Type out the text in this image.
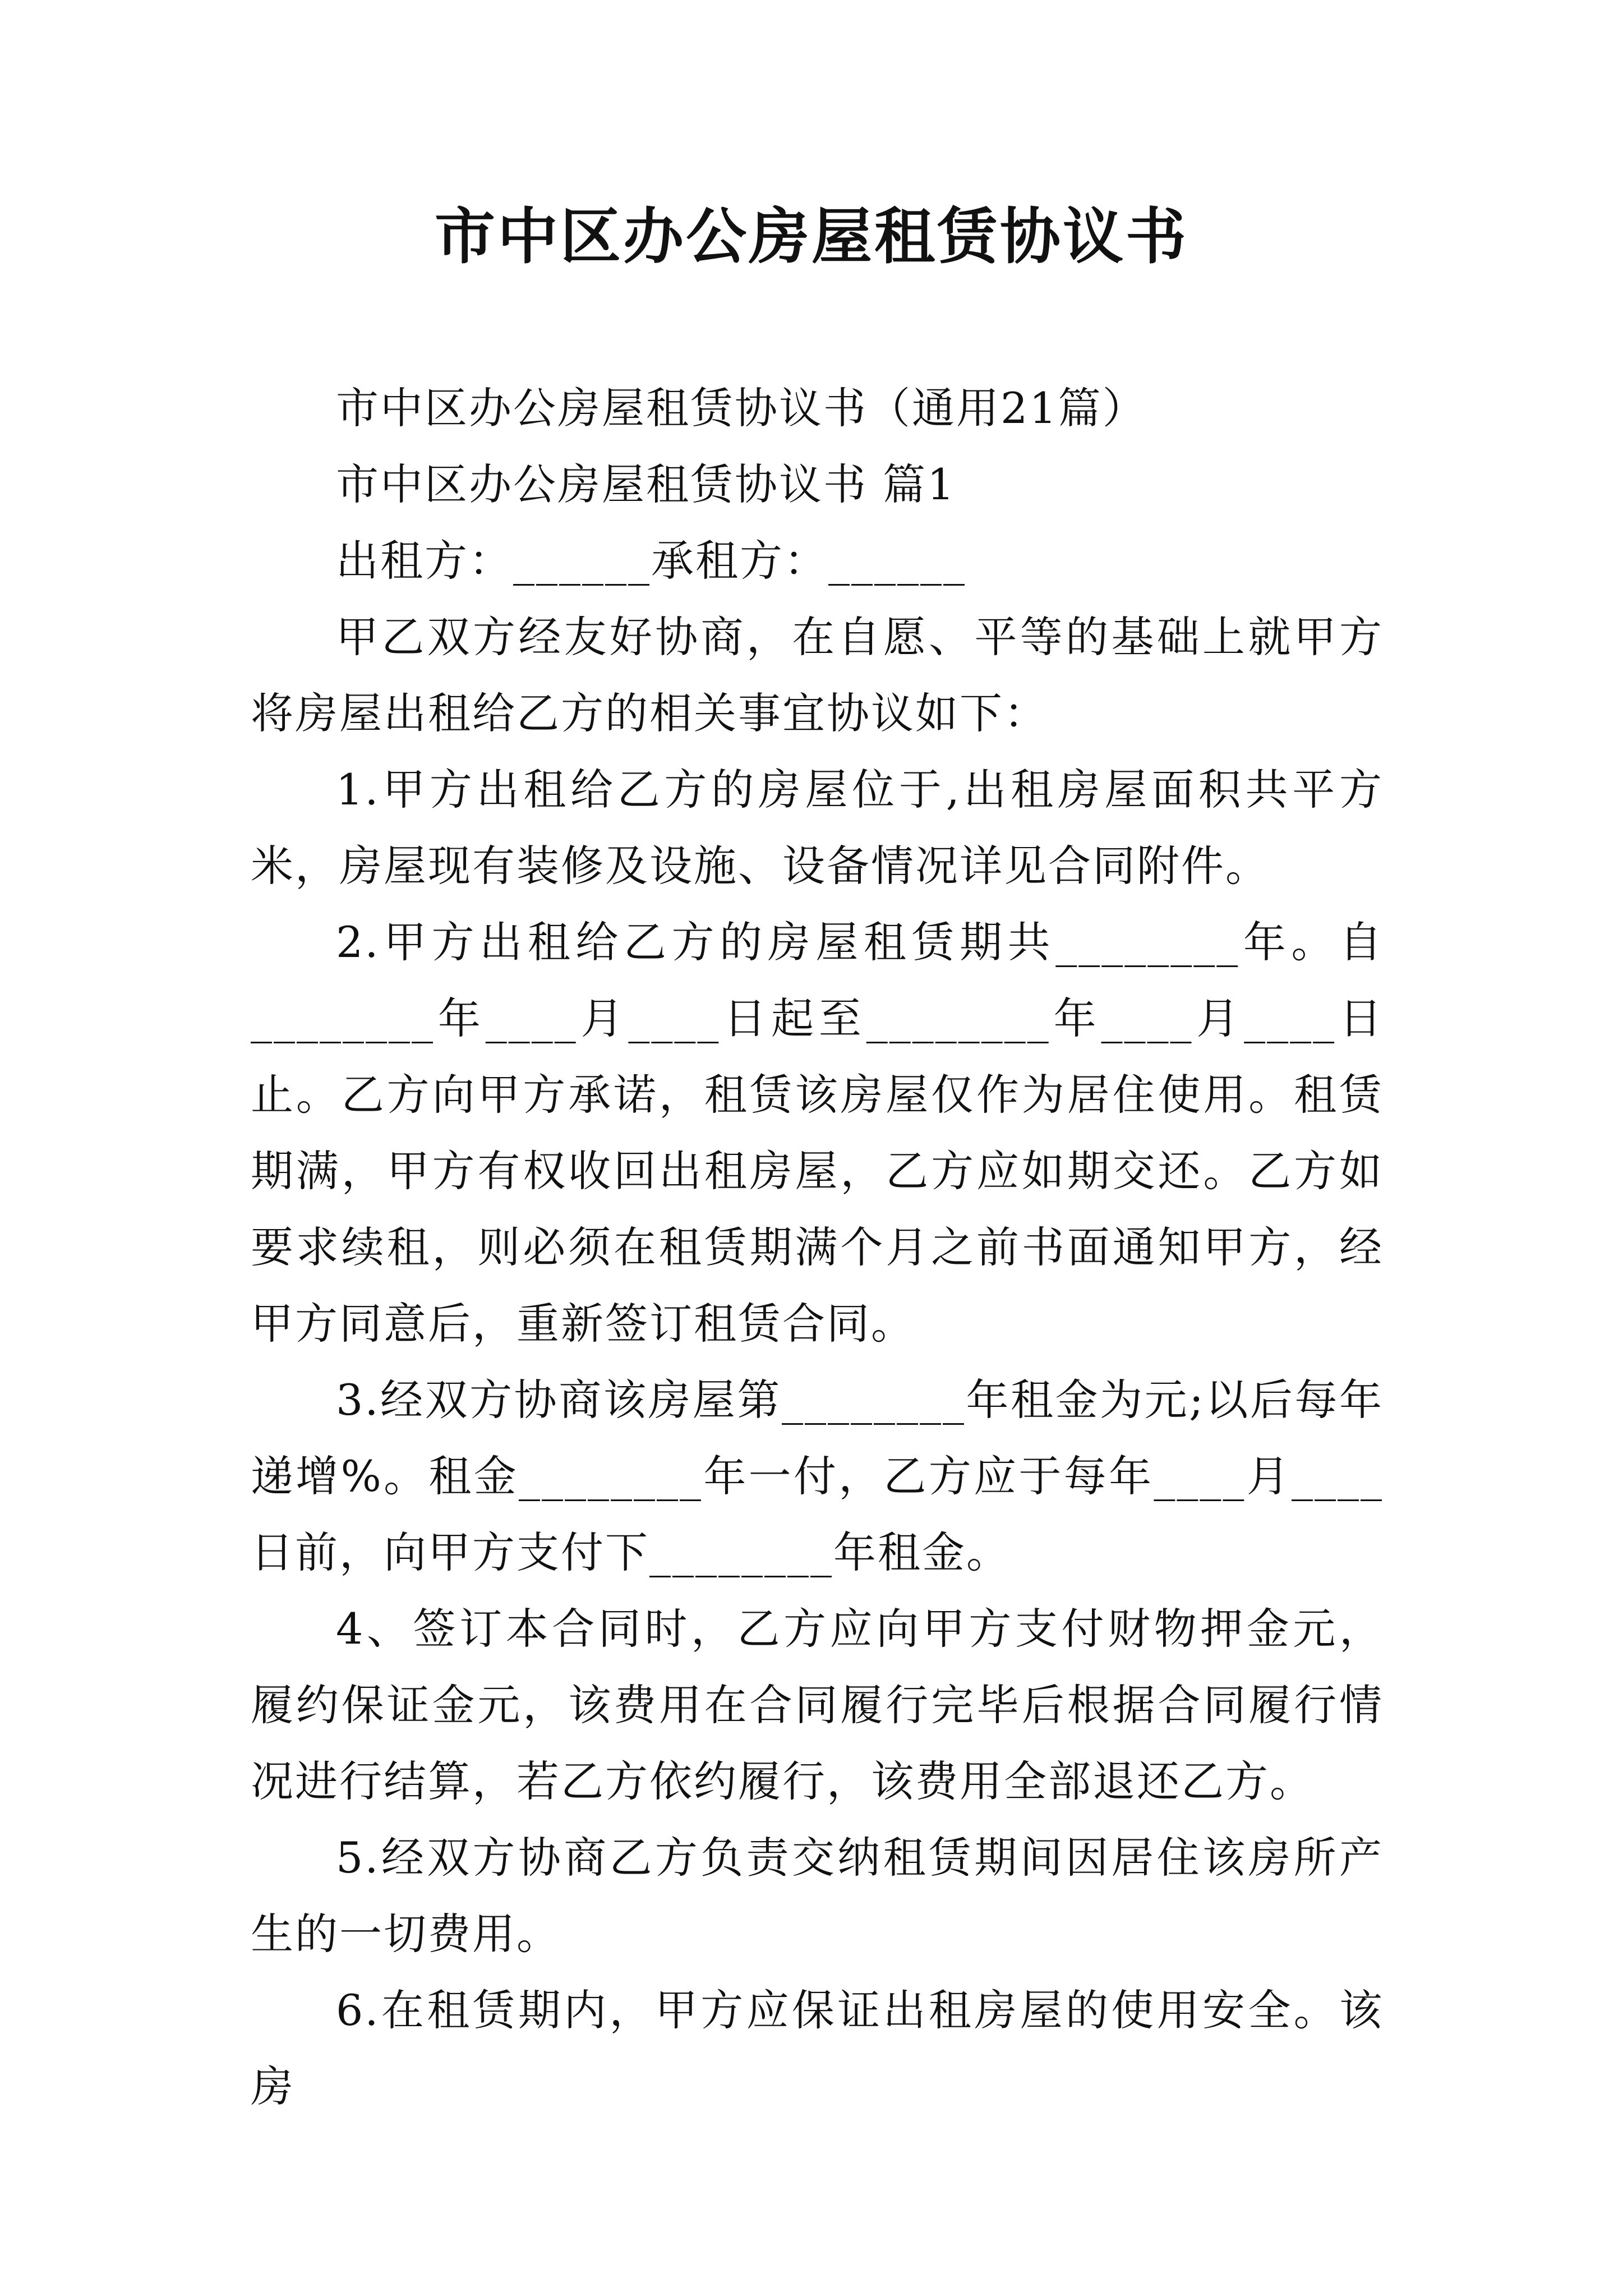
市中区办公房屋租赁协议书

市中区办公房屋租赁协议书（通用21篇）

市中区办公房屋租赁协议书 篇1

出租方：______承租方：______

甲乙双方经友好协商，在自愿、平等的基础上就甲方将房屋出租给乙方的相关事宜协议如下：

1.甲方出租给乙方的房屋位于,出租房屋面积共平方米，房屋现有装修及设施、设备情况详见合同附件。

2.甲方出租给乙方的房屋租赁期共________年。自________年____月____日起至________年____月____日止。乙方向甲方承诺，租赁该房屋仅作为居住使用。租赁期满，甲方有权收回出租房屋，乙方应如期交还。乙方如要求续租，则必须在租赁期满个月之前书面通知甲方，经甲方同意后，重新签订租赁合同。

3.经双方协商该房屋第________年租金为元;以后每年递增%。租金________年一付，乙方应于每年____月____日前，向甲方支付下________年租金。

4、签订本合同时，乙方应向甲方支付财物押金元，履约保证金元，该费用在合同履行完毕后根据合同履行情况进行结算，若乙方依约履行，该费用全部退还乙方。

5.经双方协商乙方负责交纳租赁期间因居住该房所产生的一切费用。

6.在租赁期内，甲方应保证出租房屋的使用安全。该房
